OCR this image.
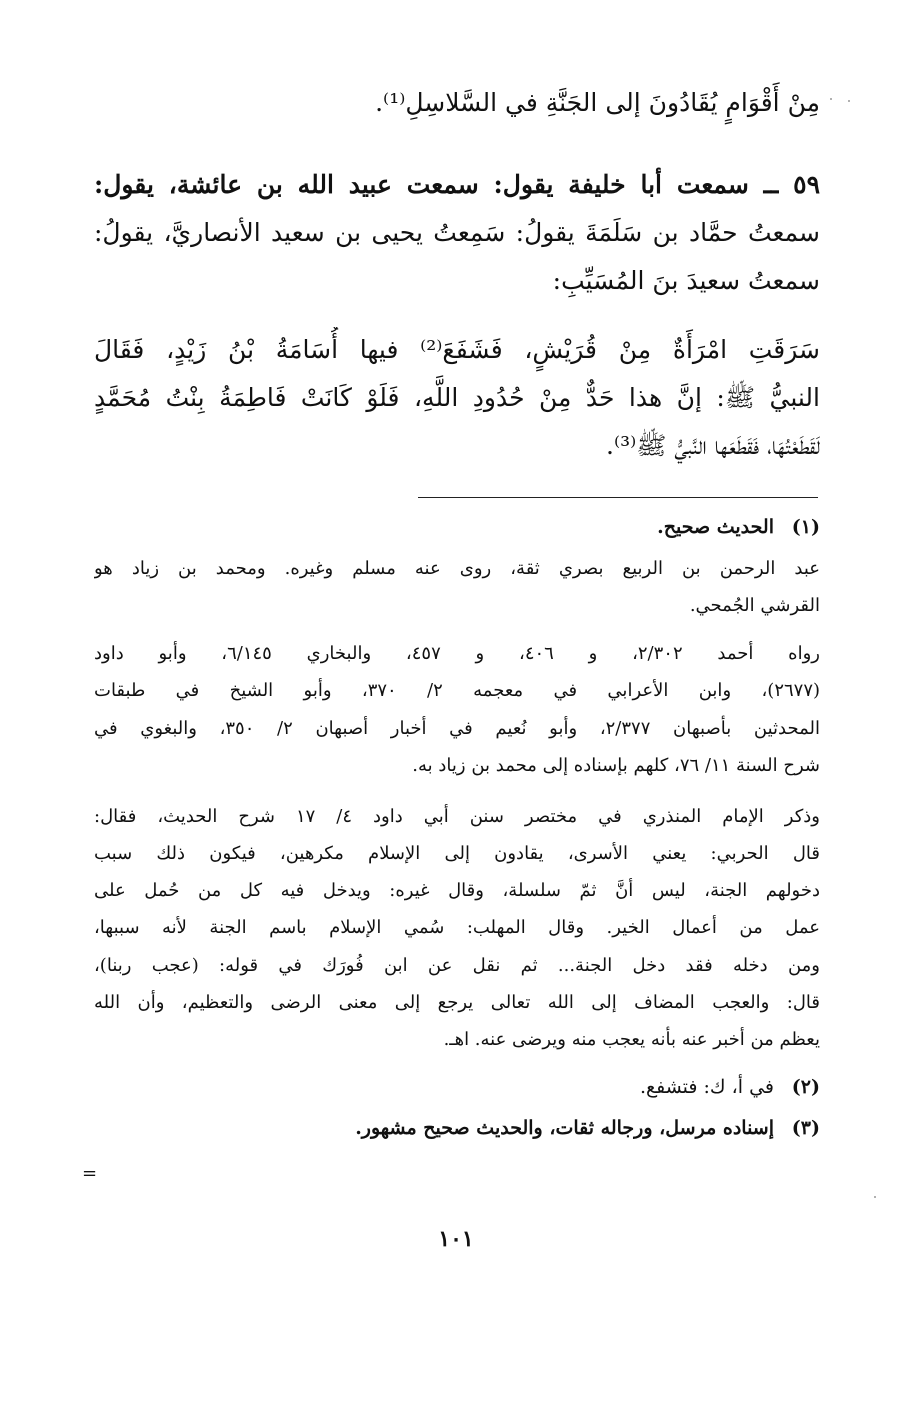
مِنْ أَقْوَامٍ يُقَادُونَ إلى الجَنَّةِ في السَّلاسِلِ⁽¹⁾.
٥٩ ــ سمعت أبا خليفة يقول: سمعت عبيد الله بن عائشة، يقول:
سمعتُ حمَّاد بن سَلَمَةَ يقولُ: سَمِعتُ يحيى بن سعيد الأنصاريَّ، يقولُ:
سمعتُ سعيدَ بنَ المُسَيِّبِ:
سَرَقَتِ امْرَأَةٌ مِنْ قُرَيْشٍ، فَشَفَعَ⁽²⁾ فيها أُسَامَةُ بْنُ زَيْدٍ، فَقَالَ
النبيُّ ﷺ: إنَّ هذا حَدٌّ مِنْ حُدُودِ اللَّهِ، فَلَوْ كَانَتْ فَاطِمَةُ بِنْتُ مُحَمَّدٍ
لَقَطَعْتُهَا، فَقَطَعَها النَّبيُّ ﷺ⁽³⁾.
(١)الحديث صحيح.
عبد الرحمن بن الربيع بصري ثقة، روى عنه مسلم وغيره. ومحمد بن زياد هو
القرشي الجُمحي.
رواه أحمد ٢/٣٠٢، و ٤٠٦، و ٤٥٧، والبخاري ٦/١٤٥، وأبو داود
(٢٦٧٧)، وابن الأعرابي في معجمه ٢/ ٣٧٠، وأبو الشيخ في طبقات
المحدثين بأصبهان ٢/٣٧٧، وأبو نُعيم في أخبار أصبهان ٢/ ٣٥٠، والبغوي في
شرح السنة ١١/ ٧٦، كلهم بإسناده إلى محمد بن زياد به.
وذكر الإمام المنذري في مختصر سنن أبي داود ٤/ ١٧ شرح الحديث، فقال:
قال الحربي: يعني الأسرى، يقادون إلى الإسلام مكرهين، فيكون ذلك سبب
دخولهم الجنة، ليس أنَّ ثمّ سلسلة، وقال غيره: ويدخل فيه كل من حُمل على
عمل من أعمال الخير. وقال المهلب: سُمي الإسلام باسم الجنة لأنه سببها،
ومن دخله فقد دخل الجنة... ثم نقل عن ابن فُورَك في قوله: (عجب ربنا)،
قال: والعجب المضاف إلى الله تعالى يرجع إلى معنى الرضى والتعظيم، وأن الله
يعظم من أخبر عنه بأنه يعجب منه ويرضى عنه. اهـ.
(٢)في أ، ك: فتشفع.
(٣)إسناده مرسل، ورجاله ثقات، والحديث صحيح مشهور.
=
١٠١
